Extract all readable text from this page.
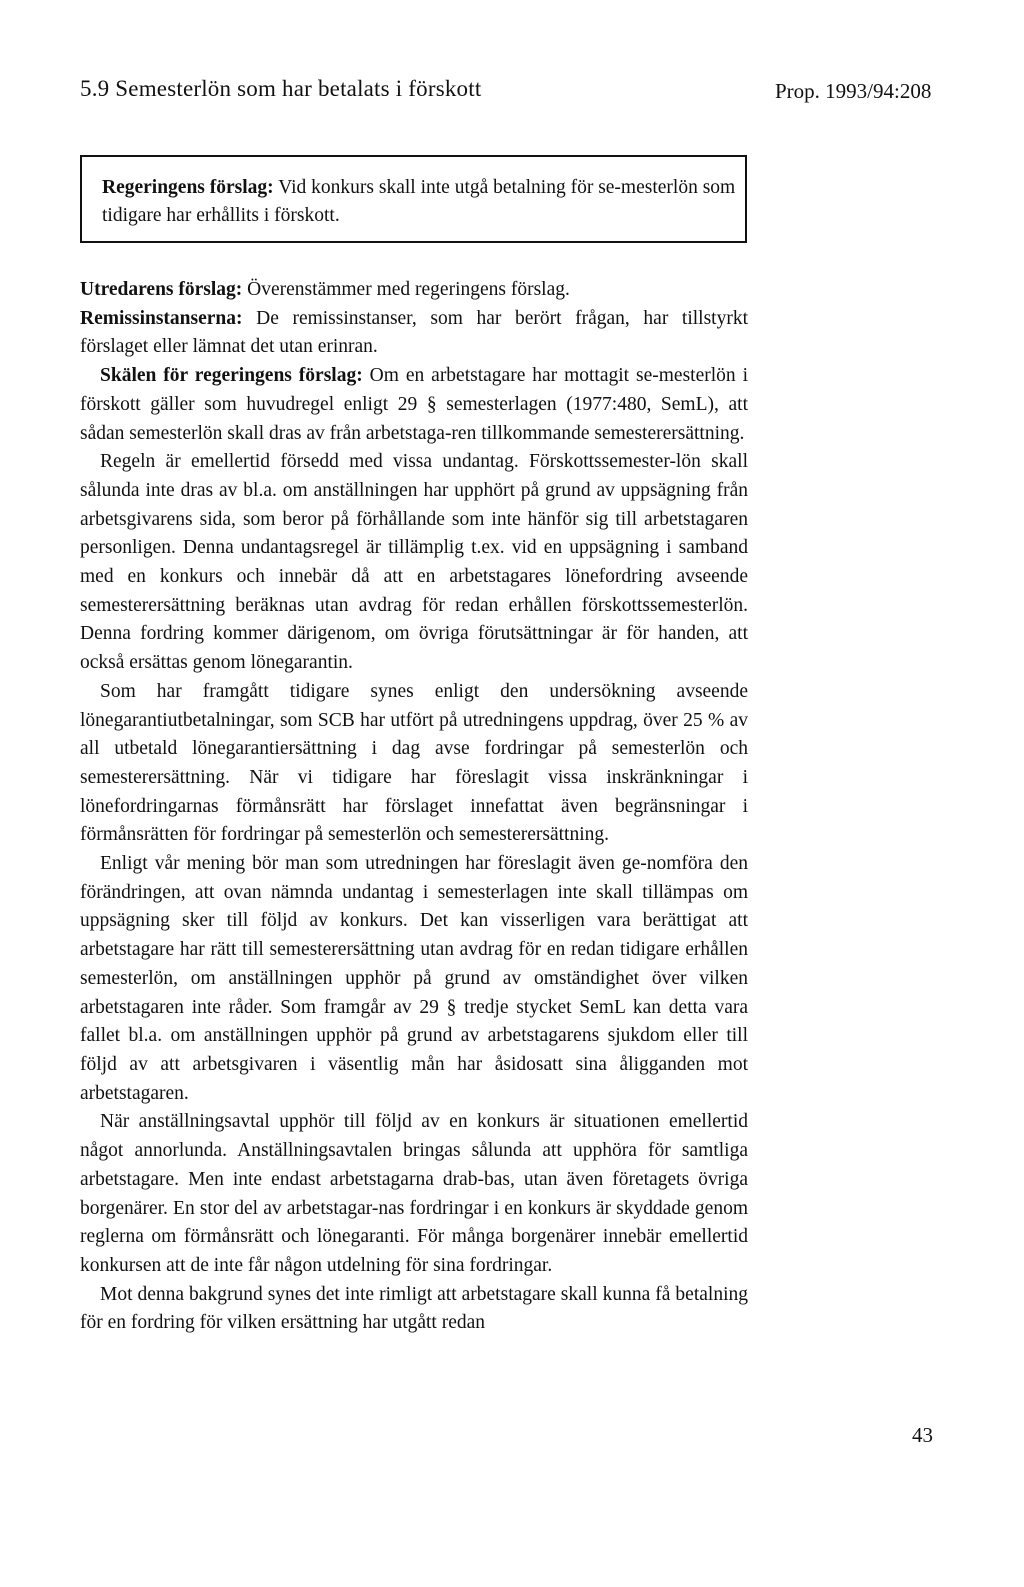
5.9 Semesterlön som har betalats i förskott	Prop. 1993/94:208
Regeringens förslag: Vid konkurs skall inte utgå betalning för se-mesterlön som tidigare har erhållits i förskott.

Utredarens förslag: Överenstämmer med regeringens förslag.

Remissinstanserna: De remissinstanser, som har berört frågan, har tillstyrkt förslaget eller lämnat det utan erinran.

Skälen för regeringens förslag: Om en arbetstagare har mottagit se-mesterlön i förskott gäller som huvudregel enligt 29 § semesterlagen (1977:480, SemL), att sådan semesterlön skall dras av från arbetstaga-ren tillkommande semesterersättning.

Regeln är emellertid försedd med vissa undantag. Förskottssemester-lön skall sålunda inte dras av bl.a. om anställningen har upphört på grund av uppsägning från arbetsgivarens sida, som beror på förhållande som inte hänför sig till arbetstagaren personligen. Denna undantagsregel är tillämplig t.ex. vid en uppsägning i samband med en konkurs och innebär då att en arbetstagares lönefordring avseende semesterersättning beräknas utan avdrag för redan erhållen förskottssemesterlön. Denna fordring kommer därigenom, om övriga förutsättningar är för handen, att också ersättas genom lönegarantin.

Som har framgått tidigare synes enligt den undersökning avseende lönegarantiutbetalningar, som SCB har utfört på utredningens uppdrag, över 25 % av all utbetald lönegarantiersättning i dag avse fordringar på semesterlön och semesterersättning. När vi tidigare har föreslagit vissa inskränkningar i lönefordringarnas förmånsrätt har förslaget innefattat även begränsningar i förmånsrätten för fordringar på semesterlön och semesterersättning.

Enligt vår mening bör man som utredningen har föreslagit även ge-nomföra den förändringen, att ovan nämnda undantag i semesterlagen inte skall tillämpas om uppsägning sker till följd av konkurs. Det kan visserligen vara berättigat att arbetstagare har rätt till semesterersättning utan avdrag för en redan tidigare erhållen semesterlön, om anställningen upphör på grund av omständighet över vilken arbetstagaren inte råder. Som framgår av 29 § tredje stycket SemL kan detta vara fallet bl.a. om anställningen upphör på grund av arbetstagarens sjukdom eller till följd av att arbetsgivaren i väsentlig mån har åsidosatt sina åligganden mot arbetstagaren.

När anställningsavtal upphör till följd av en konkurs är situationen emellertid något annorlunda. Anställningsavtalen bringas sålunda att upphöra för samtliga arbetstagare. Men inte endast arbetstagarna drab-bas, utan även företagets övriga borgenärer. En stor del av arbetstagar-nas fordringar i en konkurs är skyddade genom reglerna om förmånsrätt och lönegaranti. För många borgenärer innebär emellertid konkursen att de inte får någon utdelning för sina fordringar.

Mot denna bakgrund synes det inte rimligt att arbetstagare skall kunna få betalning för en fordring för vilken ersättning har utgått redan

43
